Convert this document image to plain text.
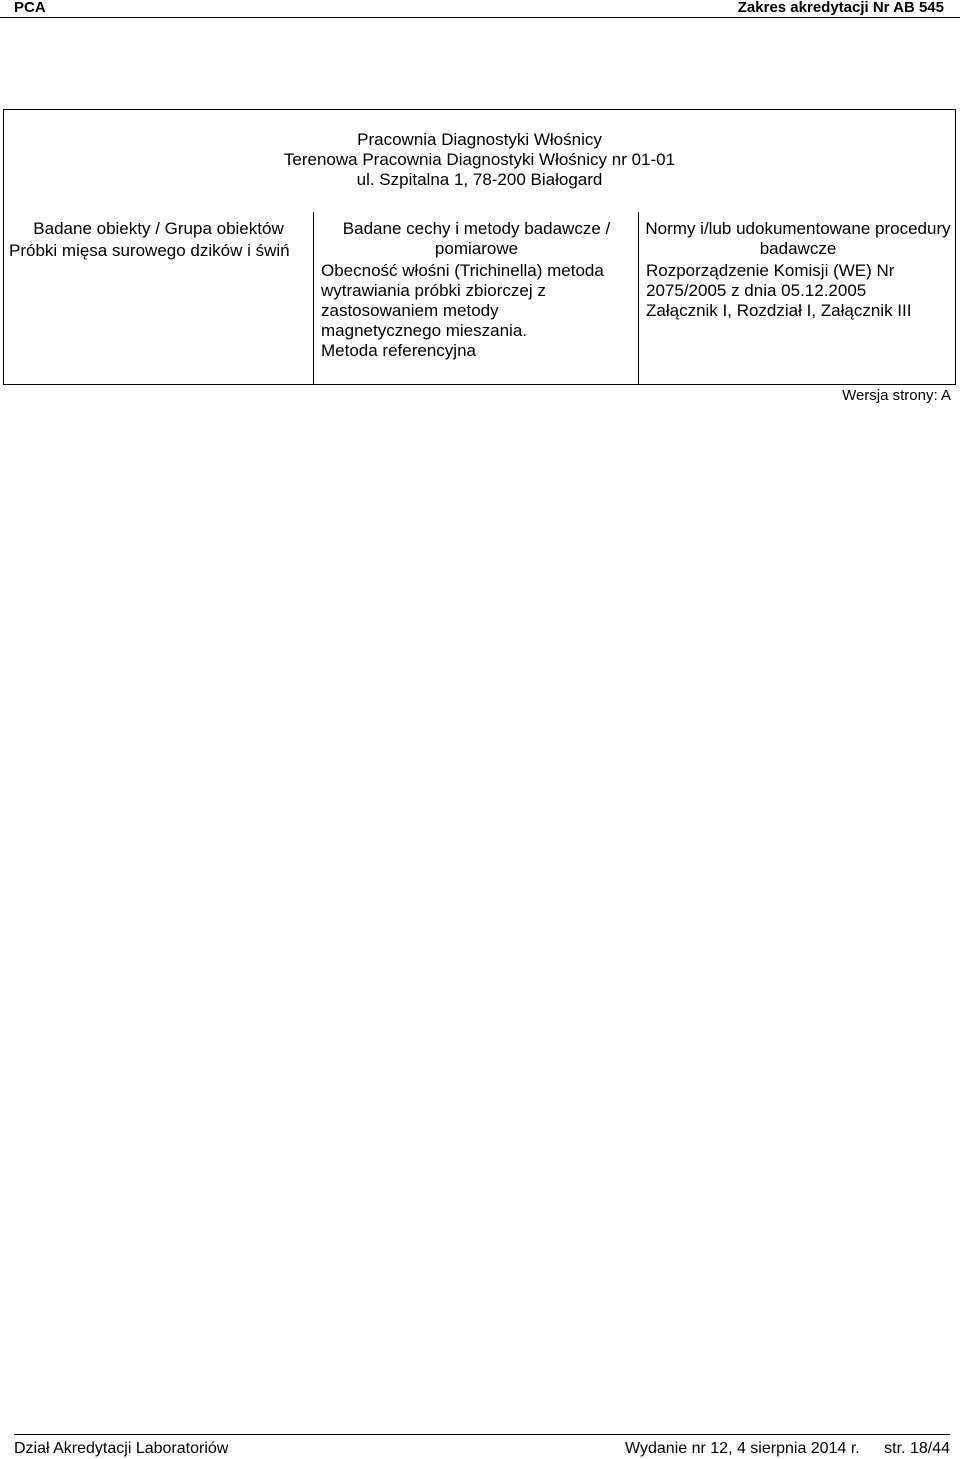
PCA	Zakres akredytacji Nr AB 545
Pracownia Diagnostyki Włośnicy
Terenowa Pracownia Diagnostyki Włośnicy nr 01-01
ul. Szpitalna 1, 78-200 Białogard
Badane obiekty / Grupa obiektów
Próbki mięsa surowego dzików i świń
Badane cechy i metody badawcze / pomiarowe
Obecność włośni (Trichinella) metoda
wytrawiania próbki zbiorczej z
zastosowaniem metody
magnetycznego mieszania.
Metoda referencyjna
Normy i/lub udokumentowane procedury badawcze
Rozporządzenie Komisji (WE) Nr
2075/2005 z dnia 05.12.2005
Załącznik I, Rozdział I, Załącznik III
Wersja strony: A
Dział Akredytacji Laboratoriów	Wydanie nr 12, 4 sierpnia 2014 r. str. 18/44
